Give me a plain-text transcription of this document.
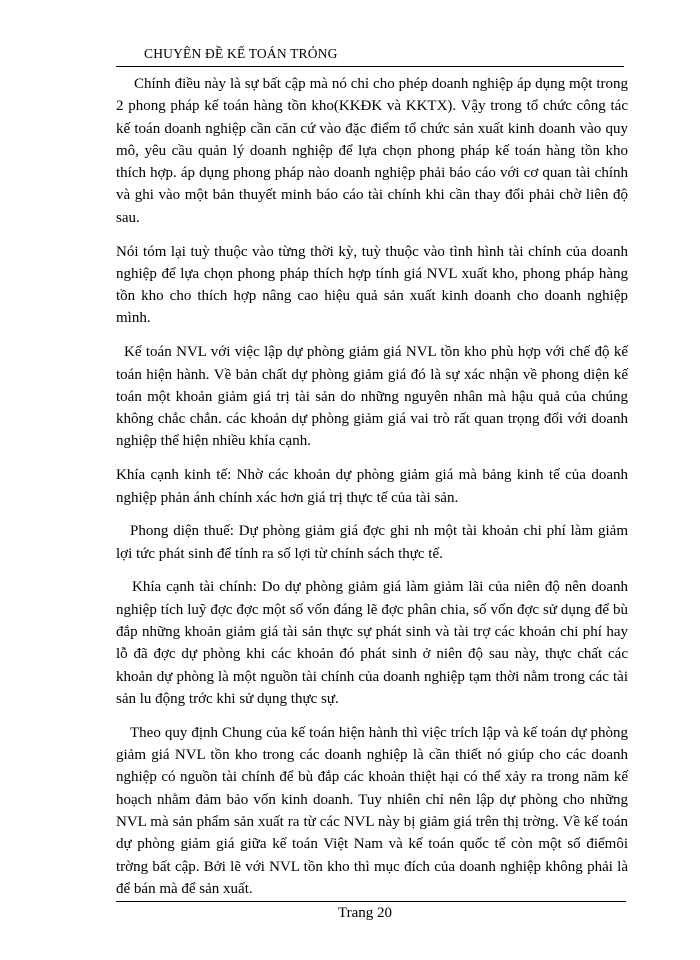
CHUYÊN ĐỀ KẾ TOÁN TRỎNG

Chính điều này là sự bất cập mà nó chỉ cho phép doanh nghiệp áp dụng một trong 2 phong pháp kế toán hàng tồn kho(KKĐK và KKTX). Vậy trong tổ chức công tác kế toán doanh nghiệp cần căn cứ vào đặc điểm tổ chức sản xuất kinh doanh vào quy mô, yêu cầu quản lý doanh nghiệp để lựa chọn phong pháp kế toán hàng tồn kho thích hợp. áp dụng phong pháp nào doanh nghiệp phải báo cáo với cơ quan tài chính và ghi vào một bản thuyết minh báo cáo tài chính khi cần thay đổi phải chờ liên độ sau.

Nói tóm lại tuỳ thuộc vào từng thời kỳ, tuỳ thuộc vào tình hình tài chính của doanh nghiệp để lựa chọn phong pháp thích hợp tính giá NVL xuất kho, phong pháp hàng tồn kho cho thích hợp nâng cao hiệu quả sản xuất kinh doanh cho doanh nghiệp mình.

Kế toán NVL với việc lập dự phòng giảm giá NVL tồn kho phù hợp với chế độ kế toán hiện hành. Về bản chất dự phòng giảm giá đó là sự xác nhận về phong diện kế toán một khoản giảm giá trị tài sản do những nguyên nhân mà hậu quả của chúng không chắc chắn. các khoản dự phòng giảm giá vai trò rất quan trọng đối với doanh nghiệp thể hiện nhiều khía cạnh.

Khía cạnh kinh tế: Nhờ các khoản dự phòng giảm giá mà bảng kinh tế của doanh nghiệp phản ánh chính xác hơn giá trị thực tế của tài sản.

Phong diện thuế: Dự phòng giảm giá đợc ghi nh một tài khoản chi phí làm giảm lợi tức phát sinh để tính ra số lợi từ chính sách thực tế.

Khía cạnh tài chính: Do dự phòng giảm giá làm giảm lãi của niên độ nên doanh nghiệp tích luỹ đợc đợc một số vốn đáng lẽ đợc phân chia, số vốn đợc sử dụng để bù đắp những khoản giảm giá tài sản thực sự phát sinh và tài trợ các khoản chi phí hay lỗ đã đợc dự phòng khi các khoản đó phát sinh ở niên độ sau này, thực chất các khoản dự phòng là một nguồn tài chính của doanh nghiệp tạm thời nằm trong các tài sản lu động trớc khi sử dụng thực sự.

Theo quy định Chung của kế toán hiện hành thì việc trích lập và kế toán dự phòng giảm giá NVL tồn kho trong các doanh nghiệp là cần thiết nó giúp cho các doanh nghiệp có nguồn tài chính để bù đắp các khoản thiệt hại có thể xảy ra trong năm kế hoạch nhằm đảm bảo vốn kinh doanh. Tuy nhiên chỉ nên lập dự phòng cho những NVL mà sản phẩm sản xuất ra từ các NVL này bị giảm giá trên thị trờng. Về kế toán dự phòng giảm giá giữa kế toán Việt Nam và kế toán quốc tế còn một số điểmôi trờng bất cập. Bởi lẽ với NVL tồn kho thì mục đích của doanh nghiệp không phải là để bán mà để sản xuất.

Trang 20
